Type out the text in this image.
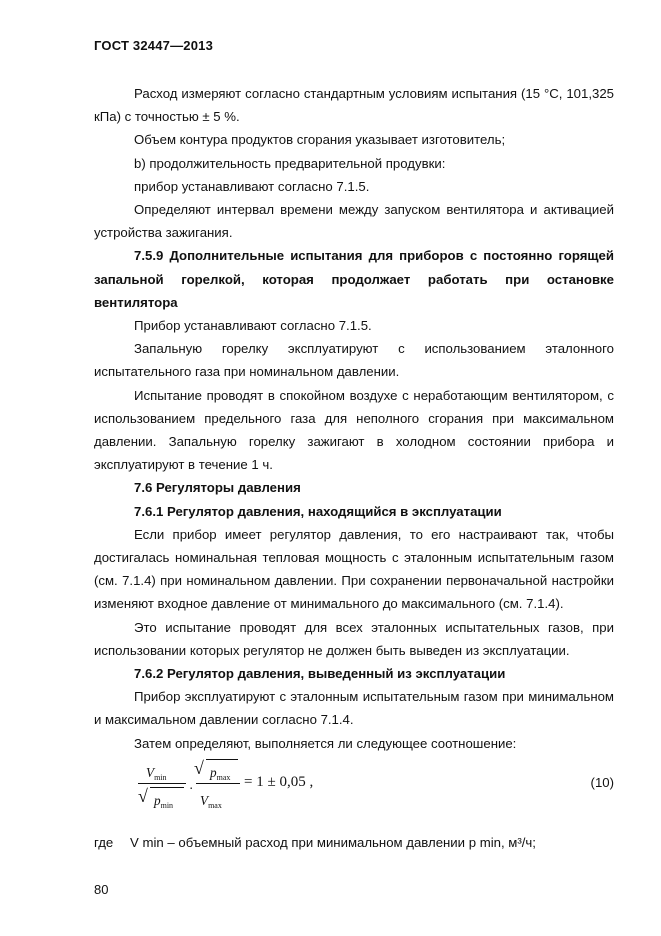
ГОСТ 32447—2013

Расход измеряют согласно стандартным условиям испытания (15 °C, 101,325 кПа) с точностью ± 5 %.

Объем контура продуктов сгорания указывает изготовитель;

b) продолжительность предварительной продувки:

прибор устанавливают согласно 7.1.5.

Определяют интервал времени между запуском вентилятора и активацией устройства зажигания.

7.5.9 Дополнительные испытания для приборов с постоянно горящей запальной горелкой, которая продолжает работать при остановке вентилятора

Прибор устанавливают согласно 7.1.5.

Запальную горелку эксплуатируют с использованием эталонного испытательного газа при номинальном давлении.

Испытание проводят в спокойном воздухе с неработающим вентилятором, с использованием предельного газа для неполного сгорания при максимальном давлении. Запальную горелку зажигают в холодном состоянии прибора и эксплуатируют в течение 1 ч.

7.6 Регуляторы давления

7.6.1 Регулятор давления, находящийся в эксплуатации

Если прибор имеет регулятор давления, то его настраивают так, чтобы достигалась номинальная тепловая мощность с эталонным испытательным газом (см. 7.1.4) при номинальном давлении. При сохранении первоначальной настройки изменяют входное давление от минимального до максимального (см. 7.1.4).

Это испытание проводят для всех эталонных испытательных газов, при использовании которых регулятор не должен быть выведен из эксплуатации.

7.6.2 Регулятор давления, выведенный из эксплуатации

Прибор эксплуатируют с эталонным испытательным газом при минимальном и максимальном давлении согласно 7.1.4.

Затем определяют, выполняется ли следующее соотношение:

$V_{min}$
√ $p_{min}$
·
√ $p_{max}$
$V_{max}$
= 1 ± 0,05 ,	(10)
где V min – объемный расход при минимальном давлении p min, м³/ч;
80
